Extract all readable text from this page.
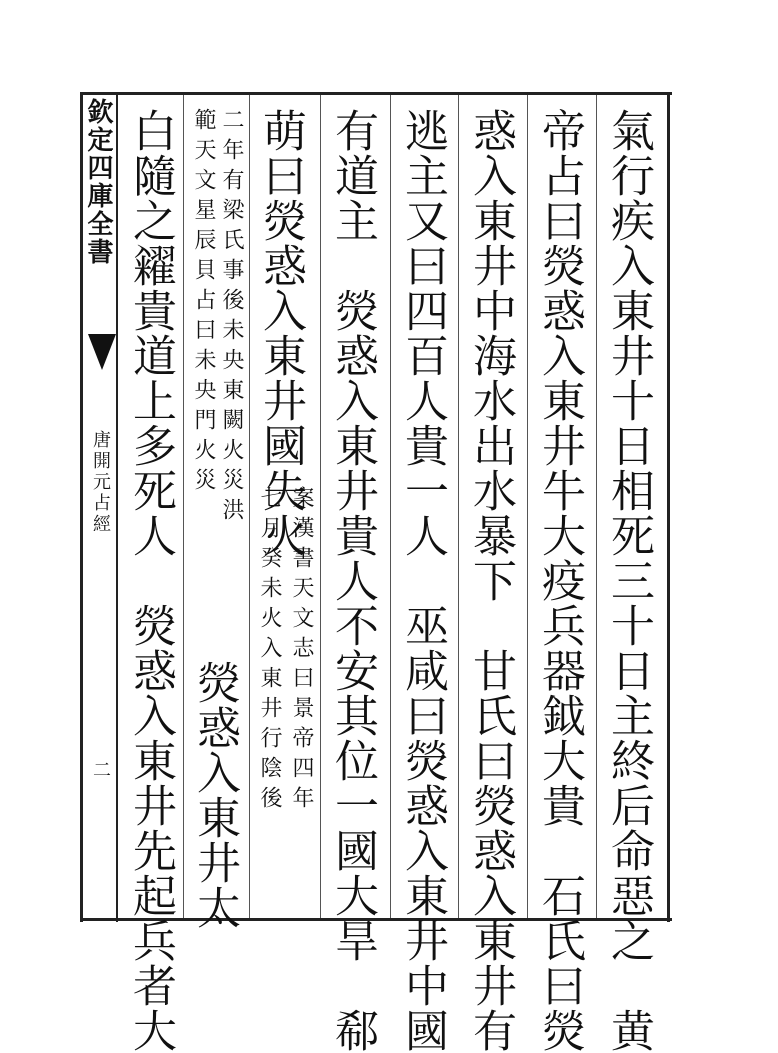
欽定四庫全書
唐開元占經
二	氣行疾入東井十日相死三十日主終后命惡之　黄
帝占曰熒惑入東井牛大疫兵器鉞大貴　石氏曰熒
惑入東井中海水出水暴下　甘氏曰熒惑入東井有
逃主又曰四百人貴一人　巫咸曰熒惑入東井中國
有道主　熒惑入東井貴人不安其位一國大旱　郗
萌曰熒惑入東井國失火
案漢書天文志曰景帝四年
七月癸未火入東井行陰後
二年有梁氏事後未央東闕火災洪
範天文星辰貝占曰未央門火災
熒惑入東井太
白隨之糴貴道上多死人　熒惑入東井先起兵者大
